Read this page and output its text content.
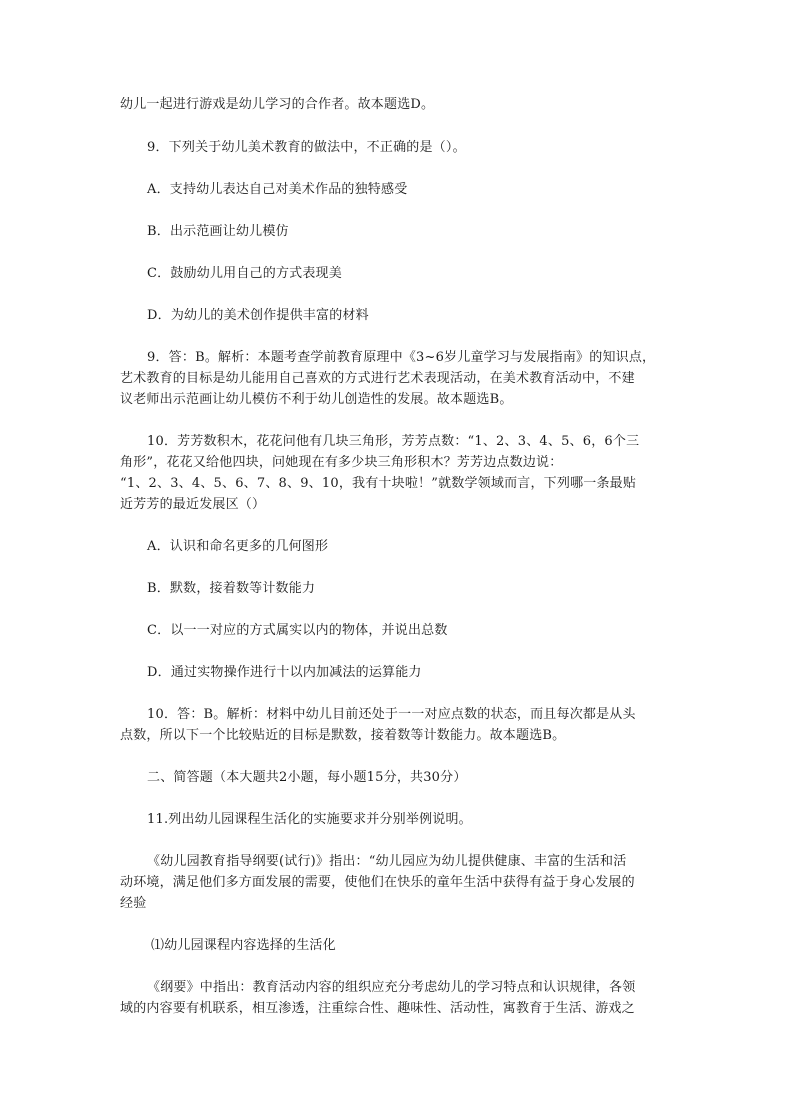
幼儿一起进行游戏是幼儿学习的合作者。故本题选D。
9．下列关于幼儿美术教育的做法中，不正确的是（）。
A．支持幼儿表达自己对美术作品的独特感受
B．出示范画让幼儿模仿
C．鼓励幼儿用自己的方式表现美
D．为幼儿的美术创作提供丰富的材料
9．答：B。解析：本题考查学前教育原理中《3~6岁儿童学习与发展指南》的知识点，
艺术教育的目标是幼儿能用自己喜欢的方式进行艺术表现活动，在美术教育活动中，不建
议老师出示范画让幼儿模仿不利于幼儿创造性的发展。故本题选B。
10．芳芳数积木，花花问他有几块三角形，芳芳点数：“1、2、3、4、5、6，6个三
角形”，花花又给他四块，问她现在有多少块三角形积木？芳芳边点数边说：
“1、2、3、4、5、6、7、8、9、10，我有十块啦！”就数学领域而言，下列哪一条最贴
近芳芳的最近发展区（）
A．认识和命名更多的几何图形
B．默数，接着数等计数能力
C．以一一对应的方式属实以内的物体，并说出总数
D．通过实物操作进行十以内加减法的运算能力
10．答：B。解析：材料中幼儿目前还处于一一对应点数的状态，而且每次都是从头
点数，所以下一个比较贴近的目标是默数，接着数等计数能力。故本题选B。
二、简答题（本大题共2小题，每小题15分，共30分）
11.列出幼儿园课程生活化的实施要求并分别举例说明。
《幼儿园教育指导纲要(试行)》指出：“幼儿园应为幼儿提供健康、丰富的生活和活
动环境，满足他们多方面发展的需要，使他们在快乐的童年生活中获得有益于身心发展的
经验
⑴幼儿园课程内容选择的生活化
《纲要》中指出：教育活动内容的组织应充分考虑幼儿的学习特点和认识规律，各领
域的内容要有机联系，相互渗透，注重综合性、趣味性、活动性，寓教育于生活、游戏之
